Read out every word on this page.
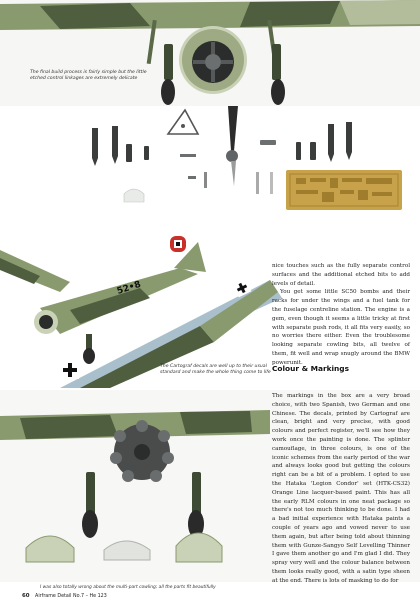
The final build process is fairly simple but the little etched control linkages are extremely delicate
52•8
The Cartograf decals are well up to their usual standard and make the whole thing come to life

nice touches such as the fully separate control surfaces and the additional etched bits to add levels of detail.

You get some little SC50 bombs and their racks for under the wings and a fuel tank for the fuselage centreline station. The engine is a gem, even though it seems a little tricky at first with separate push rods, it all fits very easily, so no worries there either. Even the troublesome looking separate cowling bits, all twelve of them, fit well and wrap snugly around the BMW powerunit.

Colour & Markings

The markings in the box are a very broad choice, with two Spanish, two German and one Chinese. The decals, printed by Cartograf are clean, bright and very precise, with good colours and perfect register, we'll see how they work once the painting is done. The splinter camouflage, in three colours, is one of the iconic schemes from the early period of the war and always looks good but getting the colours right can be a bit of a problem. I opted to use the Hataka 'Legion Condor' set (HTK-CS32) Orange Line lacquer-based paint. This has all the early RLM colours in one neat package so there's not too much thinking to be done. I had a bad initial experience with Hataka paints a couple of years ago and vowed never to use them again, but after being told about thinning them with Gunze-Sangyo Self Levelling Thinner I gave them another go and I'm glad I did. They spray very well and the colour balance between them looks really good, with a satin type sheen at the end. There is lots of masking to do for

I was also totally wrong about the multi-part cowling; all the parts fit beautifully
60 Airframe Detail No.7 – He 123
